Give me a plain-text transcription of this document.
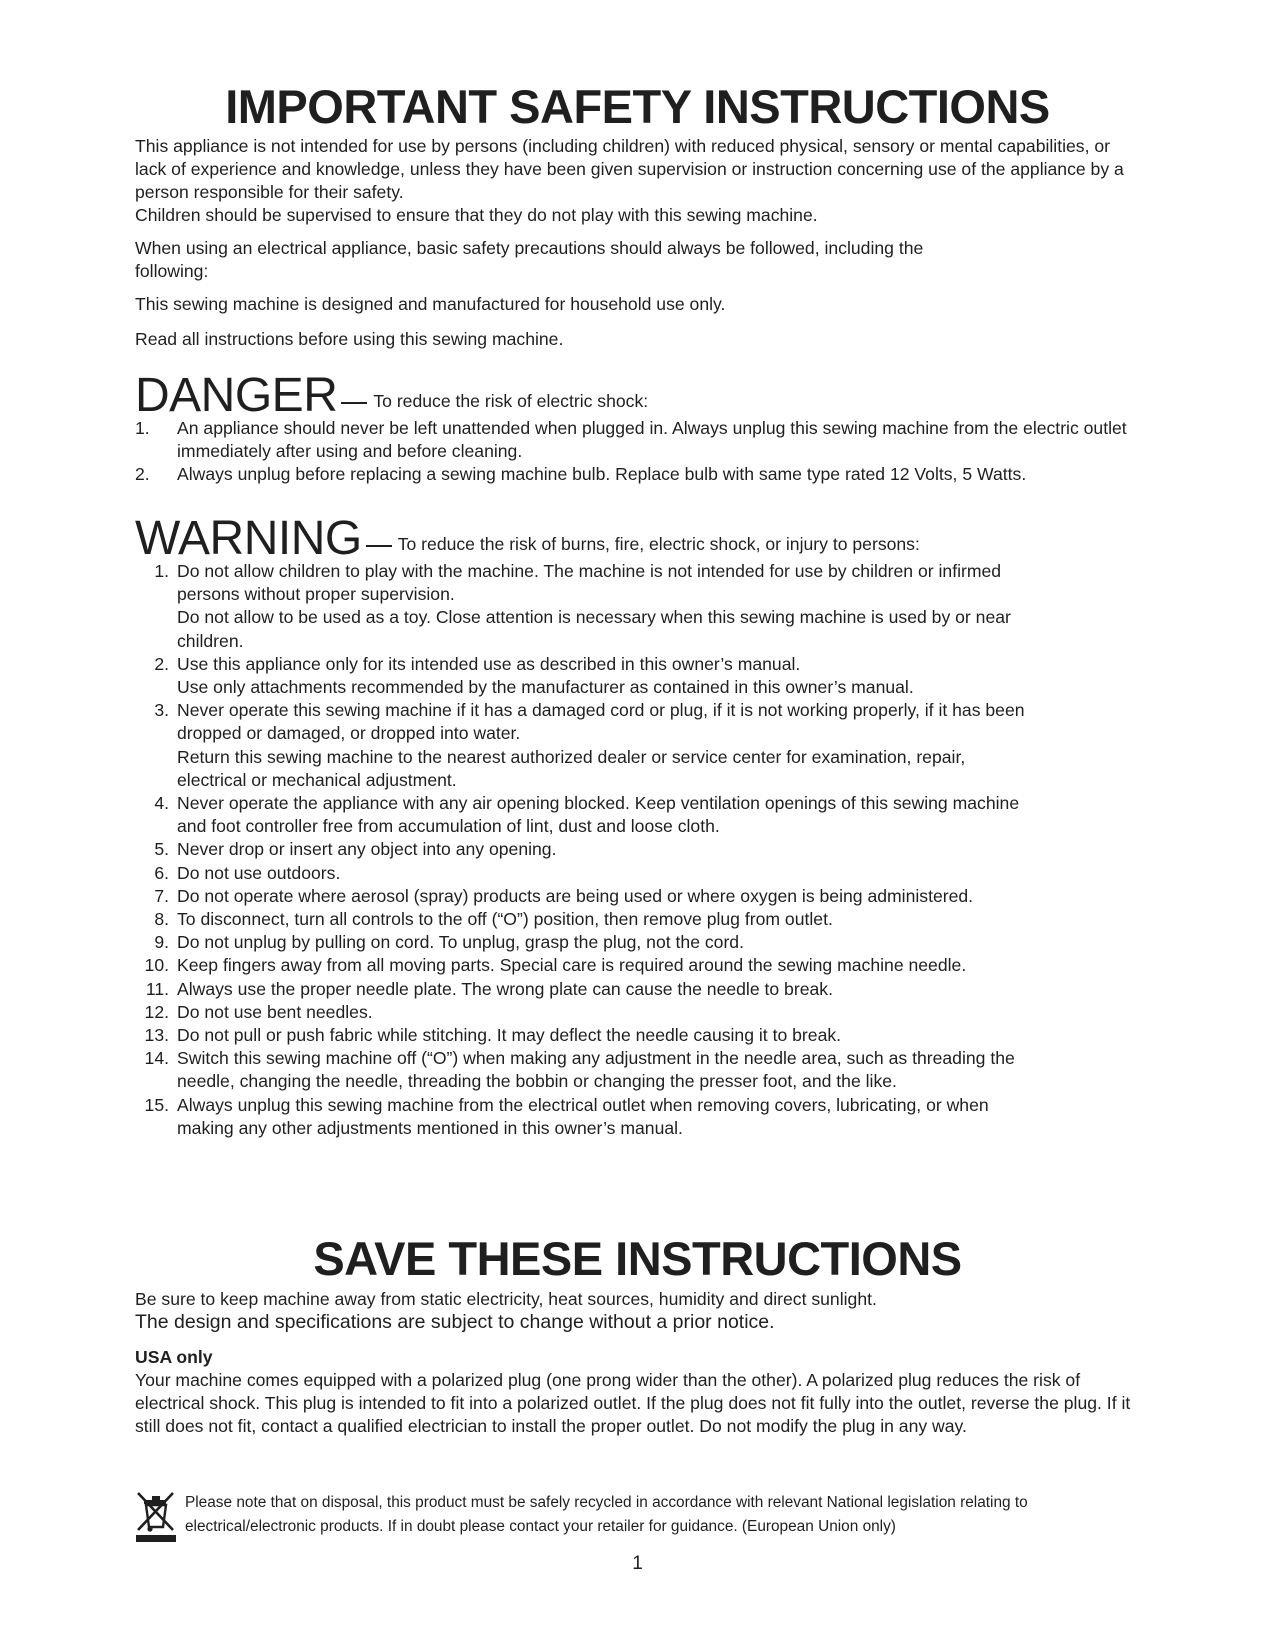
IMPORTANT SAFETY INSTRUCTIONS

This appliance is not intended for use by persons (including children) with reduced physical, sensory or mental capabilities, or lack of experience and knowledge, unless they have been given supervision or instruction concerning use of the appliance by a person responsible for their safety.

Children should be supervised to ensure that they do not play with this sewing machine.

When using an electrical appliance, basic safety precautions should always be followed, including the following:

This sewing machine is designed and manufactured for household use only.

Read all instructions before using this sewing machine.

DANGER To reduce the risk of electric shock:
1. An appliance should never be left unattended when plugged in. Always unplug this sewing machine from the electric outlet immediately after using and before cleaning.
2. Always unplug before replacing a sewing machine bulb. Replace bulb with same type rated 12 Volts, 5 Watts.
WARNING To reduce the risk of burns, fire, electric shock, or injury to persons:
1. Do not allow children to play with the machine. The machine is not intended for use by children or infirmed persons without proper supervision.
Do not allow to be used as a toy. Close attention is necessary when this sewing machine is used by or near children.
2. Use this appliance only for its intended use as described in this owner’s manual.
Use only attachments recommended by the manufacturer as contained in this owner’s manual.
3. Never operate this sewing machine if it has a damaged cord or plug, if it is not working properly, if it has been dropped or damaged, or dropped into water.
Return this sewing machine to the nearest authorized dealer or service center for examination, repair, electrical or mechanical adjustment.
4. Never operate the appliance with any air opening blocked. Keep ventilation openings of this sewing machine and foot controller free from accumulation of lint, dust and loose cloth.
5. Never drop or insert any object into any opening.
6. Do not use outdoors.
7. Do not operate where aerosol (spray) products are being used or where oxygen is being administered.
8. To disconnect, turn all controls to the off (“O”) position, then remove plug from outlet.
9. Do not unplug by pulling on cord. To unplug, grasp the plug, not the cord.
10. Keep fingers away from all moving parts. Special care is required around the sewing machine needle.
11. Always use the proper needle plate. The wrong plate can cause the needle to break.
12. Do not use bent needles.
13. Do not pull or push fabric while stitching. It may deflect the needle causing it to break.
14. Switch this sewing machine off (“O”) when making any adjustment in the needle area, such as threading the needle, changing the needle, threading the bobbin or changing the presser foot, and the like.
15. Always unplug this sewing machine from the electrical outlet when removing covers, lubricating, or when making any other adjustments mentioned in this owner’s manual.
SAVE THESE INSTRUCTIONS

Be sure to keep machine away from static electricity, heat sources, humidity and direct sunlight.

The design and specifications are subject to change without a prior notice.

USA only

Your machine comes equipped with a polarized plug (one prong wider than the other). A polarized plug reduces the risk of electrical shock. This plug is intended to fit into a polarized outlet. If the plug does not fit fully into the outlet, reverse the plug. If it still does not fit, contact a qualified electrician to install the proper outlet. Do not modify the plug in any way.

Please note that on disposal, this product must be safely recycled in accordance with relevant National legislation relating to electrical/electronic products. If in doubt please contact your retailer for guidance. (European Union only)

1
